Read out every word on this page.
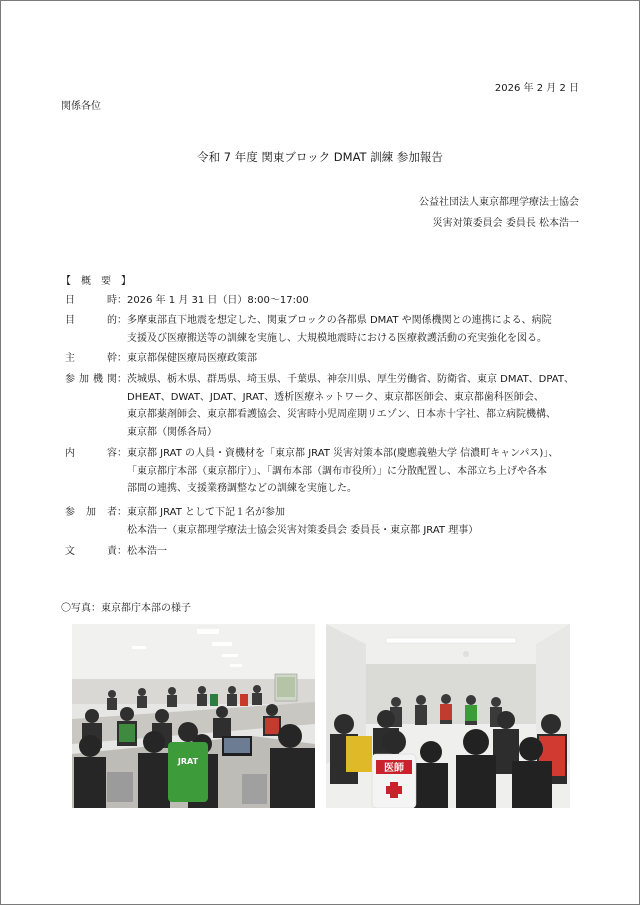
2026 年 2 月 2 日
関係各位
令和 7 年度 関東ブロック DMAT 訓練 参加報告
公益社団法人東京都理学療法士協会
災害対策委員会 委員長 松本浩一
【　概　要　】
日時 ： 2026 年 1 月 31 日（日）8:00〜17:00
目的 ： 多摩東部直下地震を想定した、関東ブロックの各都県 DMAT や関係機関との連携による、病院
支援及び医療搬送等の訓練を実施し、大規模地震時における医療救護活動の充実強化を図る。
主幹 ： 東京都保健医療局医療政策部
参加機関 ： 茨城県、栃木県、群馬県、埼玉県、千葉県、神奈川県、厚生労働省、防衛省、東京 DMAT、DPAT、
DHEAT、DWAT、JDAT、JRAT、透析医療ネットワーク、東京都医師会、東京都歯科医師会、
東京都薬剤師会、東京都看護協会、災害時小児周産期リエゾン、日本赤十字社、都立病院機構、
東京都（関係各局）
内容 ： 東京都 JRAT の人員・資機材を「東京都 JRAT 災害対策本部(慶應義塾大学 信濃町キャンパス)」、
「東京都庁本部（東京都庁）」、「調布本部（調布市役所）」に分散配置し、本部立ち上げや各本
部間の連携、支援業務調整などの訓練を実施した。
参加者 ： 東京都 JRAT として下記１名が参加
松本浩一（東京都理学療法士協会災害対策委員会 委員長・東京都 JRAT 理事）
文責 ： 松本浩一
〇写真：東京都庁本部の様子
JRAT
医師
